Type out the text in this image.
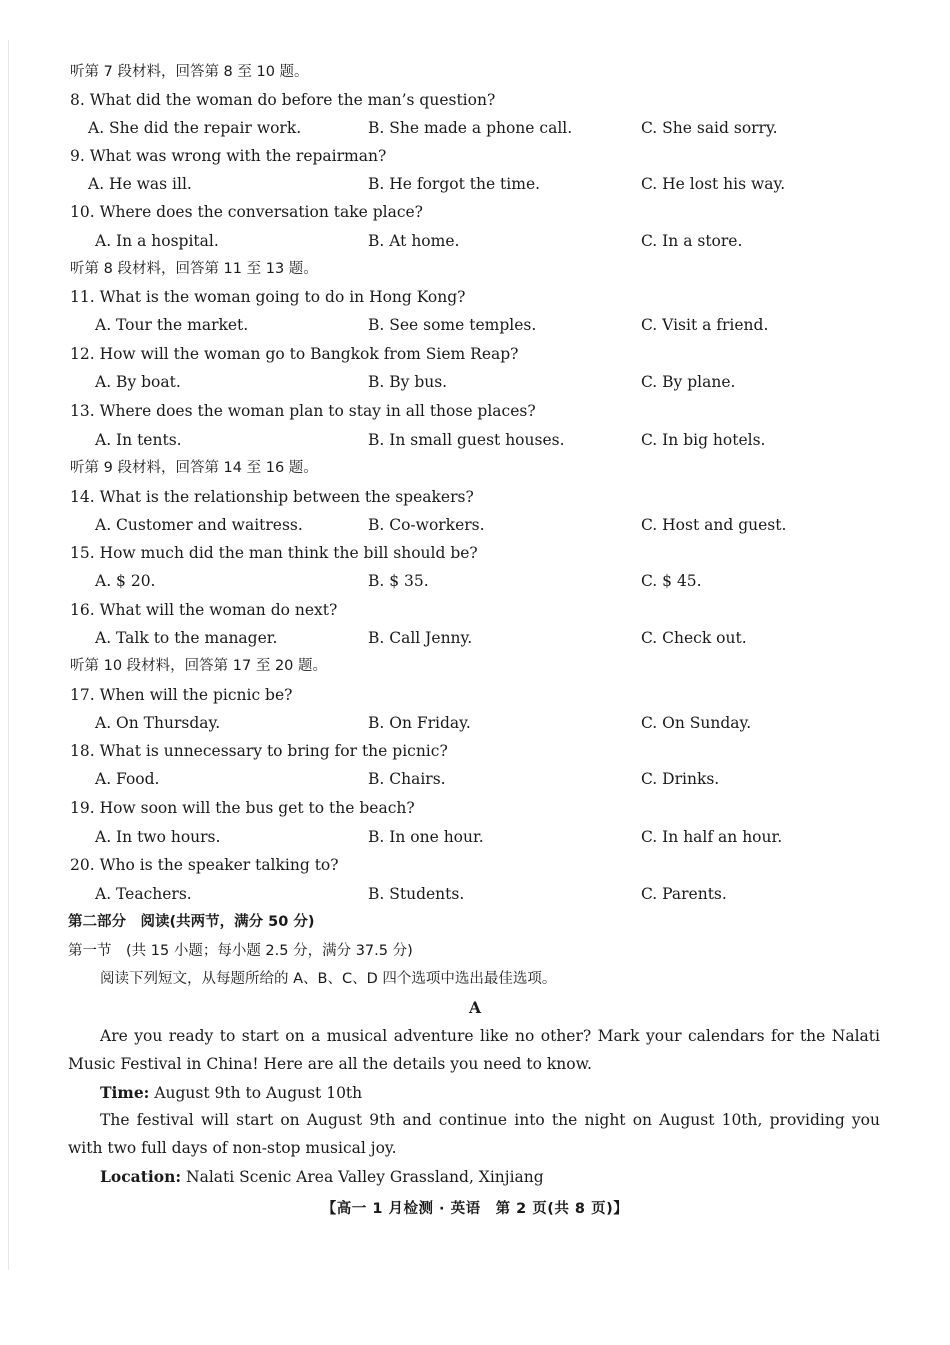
听第 7 段材料，回答第 8 至 10 题。
8. What did the woman do before the man’s question?
A. She did the repair work.	B. She made a phone call.	C. She said sorry.
9. What was wrong with the repairman?
A. He was ill.	B. He forgot the time.	C. He lost his way.
10. Where does the conversation take place?
A. In a hospital.	B. At home.	C. In a store.
听第 8 段材料，回答第 11 至 13 题。
11. What is the woman going to do in Hong Kong?
A. Tour the market.	B. See some temples.	C. Visit a friend.
12. How will the woman go to Bangkok from Siem Reap?
A. By boat.	B. By bus.	C. By plane.
13. Where does the woman plan to stay in all those places?
A. In tents.	B. In small guest houses.	C. In big hotels.
听第 9 段材料，回答第 14 至 16 题。
14. What is the relationship between the speakers?
A. Customer and waitress.	B. Co-workers.	C. Host and guest.
15. How much did the man think the bill should be?
A. $ 20.	B. $ 35.	C. $ 45.
16. What will the woman do next?
A. Talk to the manager.	B. Call Jenny.	C. Check out.
听第 10 段材料，回答第 17 至 20 题。
17. When will the picnic be?
A. On Thursday.	B. On Friday.	C. On Sunday.
18. What is unnecessary to bring for the picnic?
A. Food.	B. Chairs.	C. Drinks.
19. How soon will the bus get to the beach?
A. In two hours.	B. In one hour.	C. In half an hour.
20. Who is the speaker talking to?
A. Teachers.	B. Students.	C. Parents.
第二部分　阅读(共两节，满分 50 分)
第一节　(共 15 小题；每小题 2.5 分，满分 37.5 分)
阅读下列短文，从每题所给的 A、B、C、D 四个选项中选出最佳选项。
A
Are you ready to start on a musical adventure like no other? Mark your calendars for the Nalati Music Festival in China! Here are all the details you need to know.
Time: August 9th to August 10th
The festival will start on August 9th and continue into the night on August 10th, providing you with two full days of non-stop musical joy.
Location: Nalati Scenic Area Valley Grassland, Xinjiang
【高一 1 月检测 · 英语　第 2 页(共 8 页)】
